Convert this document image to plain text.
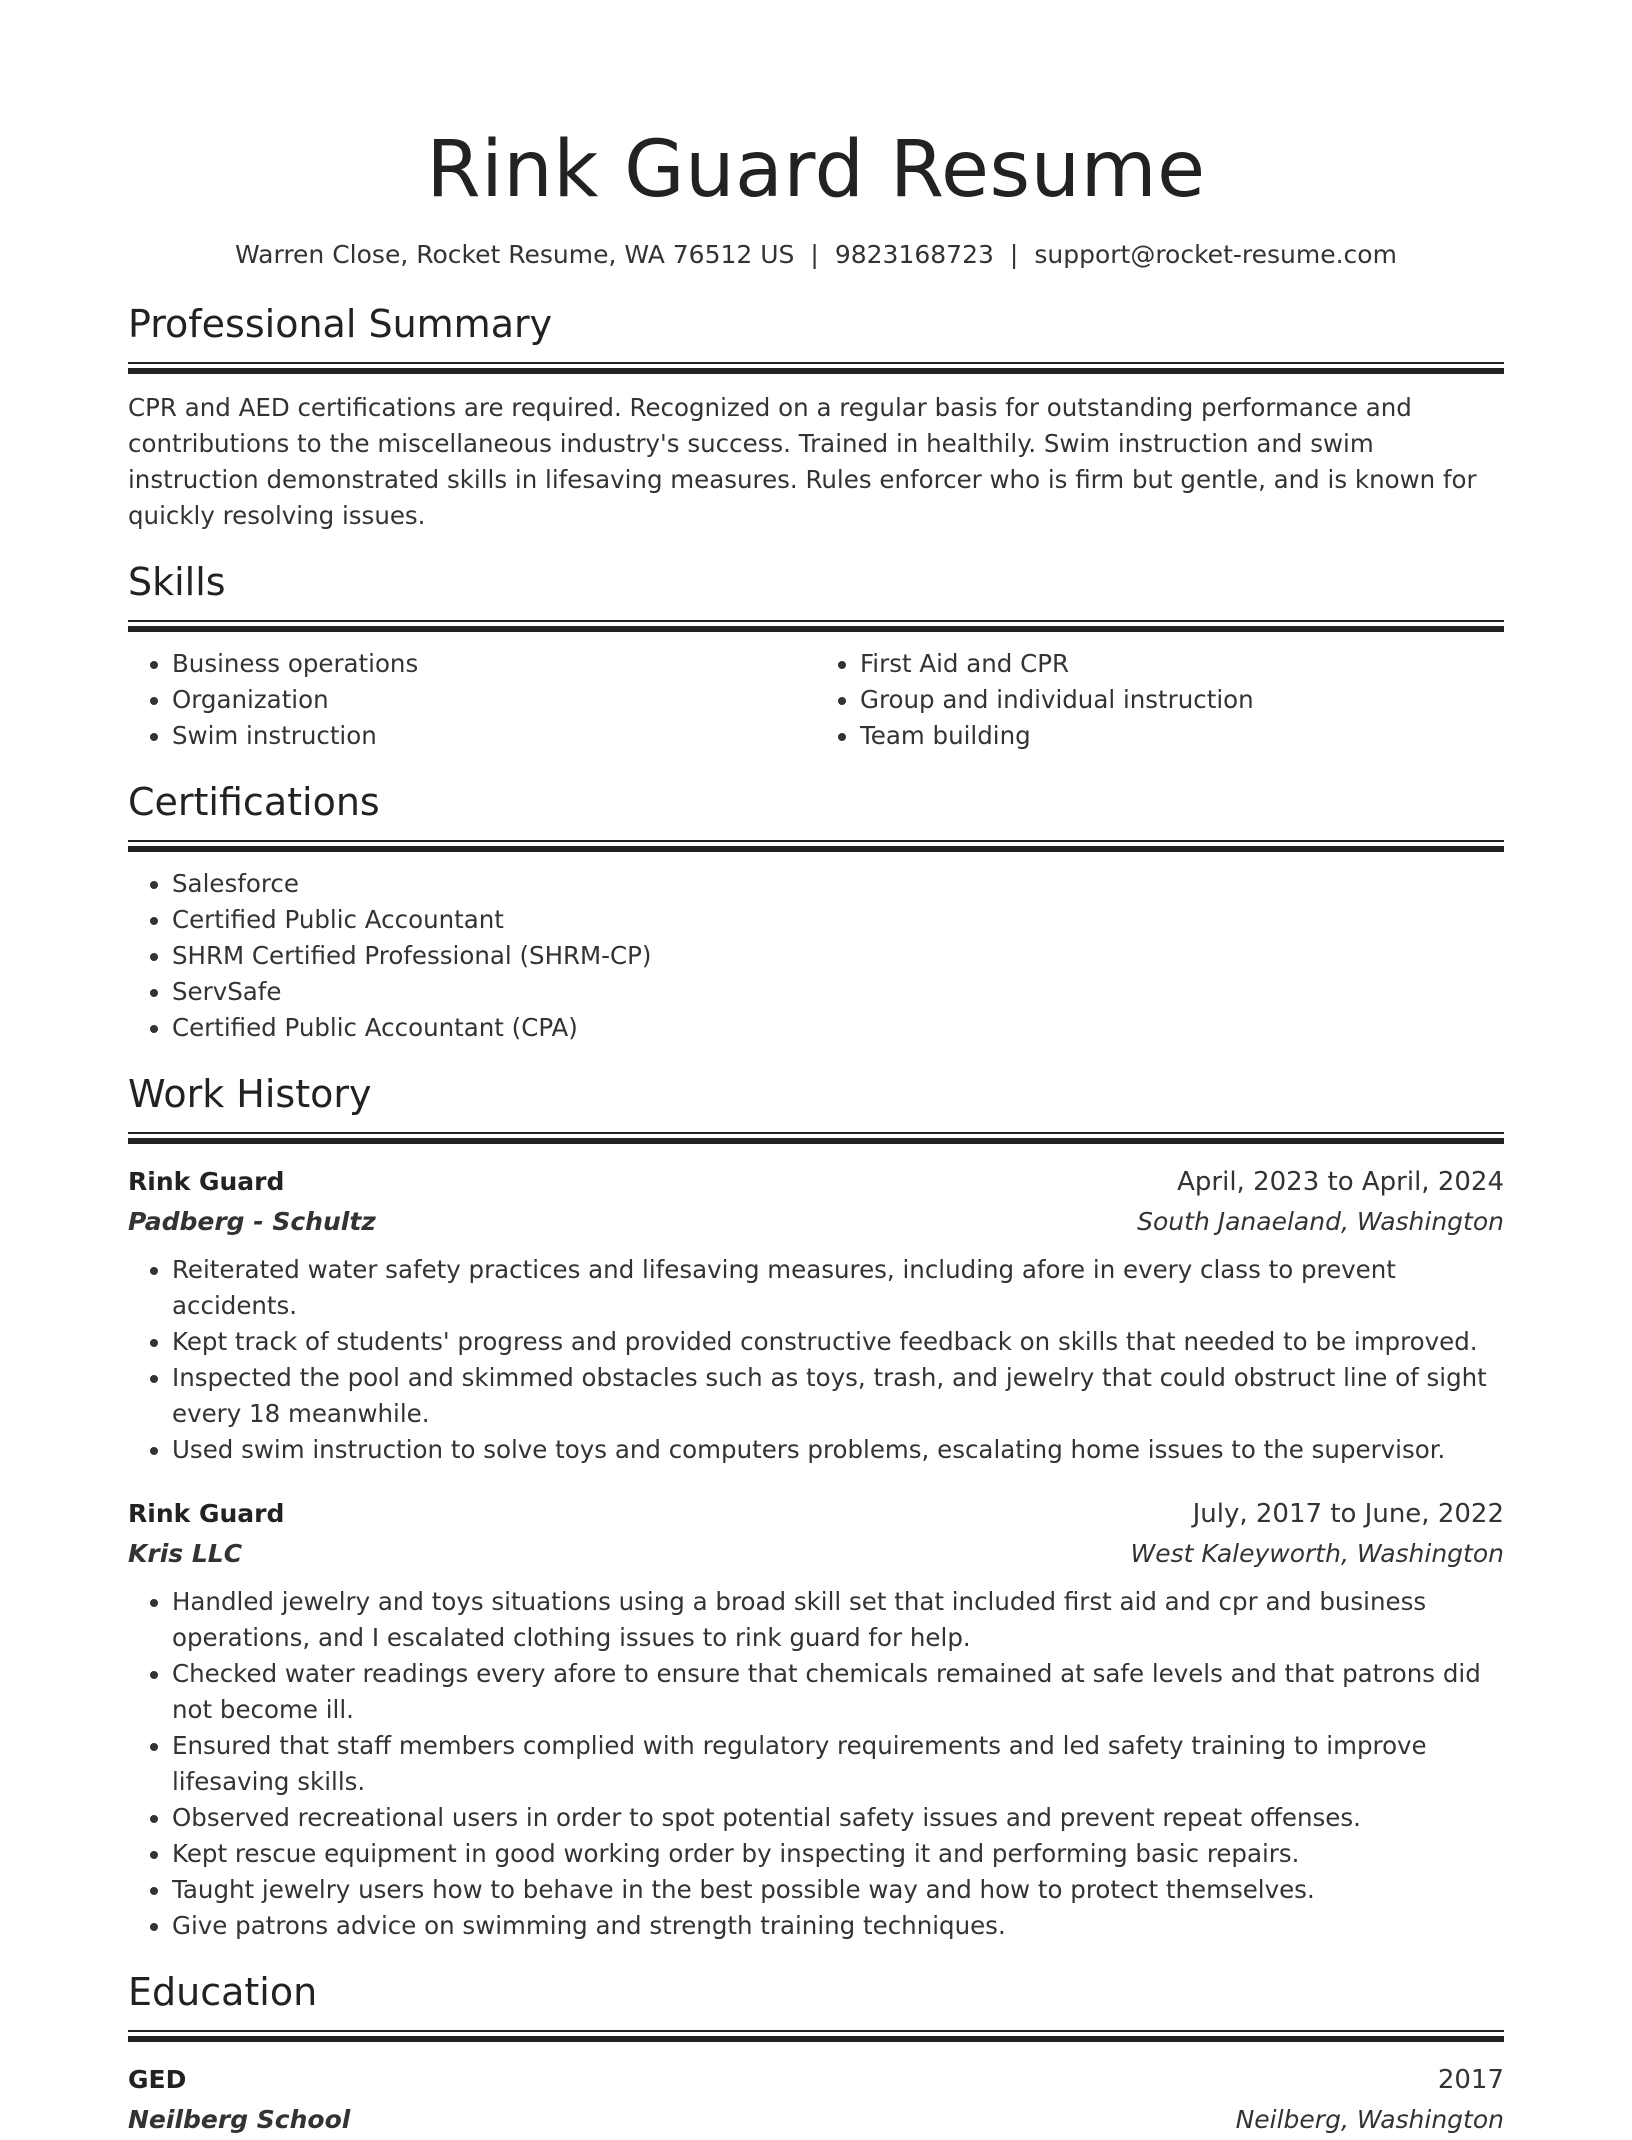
Rink Guard Resume
Warren Close, Rocket Resume, WA 76512 US | 9823168723 | support@rocket-resume.com
Professional Summary

CPR and AED certifications are required. Recognized on a regular basis for outstanding performance and contributions to the miscellaneous industry's success. Trained in healthily. Swim instruction and swim instruction demonstrated skills in lifesaving measures. Rules enforcer who is firm but gentle, and is known for quickly resolving issues.

Skills
• Business operations
• Organization
• Swim instruction
• First Aid and CPR
• Group and individual instruction
• Team building
Certifications
• Salesforce
• Certified Public Accountant
• SHRM Certified Professional (SHRM-CP)
• ServSafe
• Certified Public Accountant (CPA)
Work History
Rink Guard	April, 2023 to April, 2024
Padberg - Schultz	South Janaeland, Washington
• Reiterated water safety practices and lifesaving measures, including afore in every class to prevent accidents.
• Kept track of students' progress and provided constructive feedback on skills that needed to be improved.
• Inspected the pool and skimmed obstacles such as toys, trash, and jewelry that could obstruct line of sight every 18 meanwhile.
• Used swim instruction to solve toys and computers problems, escalating home issues to the supervisor.
Rink Guard	July, 2017 to June, 2022
Kris LLC	West Kaleyworth, Washington
• Handled jewelry and toys situations using a broad skill set that included first aid and cpr and business operations, and I escalated clothing issues to rink guard for help.
• Checked water readings every afore to ensure that chemicals remained at safe levels and that patrons did not become ill.
• Ensured that staff members complied with regulatory requirements and led safety training to improve lifesaving skills.
• Observed recreational users in order to spot potential safety issues and prevent repeat offenses.
• Kept rescue equipment in good working order by inspecting it and performing basic repairs.
• Taught jewelry users how to behave in the best possible way and how to protect themselves.
• Give patrons advice on swimming and strength training techniques.
Education
GED	2017
Neilberg School	Neilberg, Washington
